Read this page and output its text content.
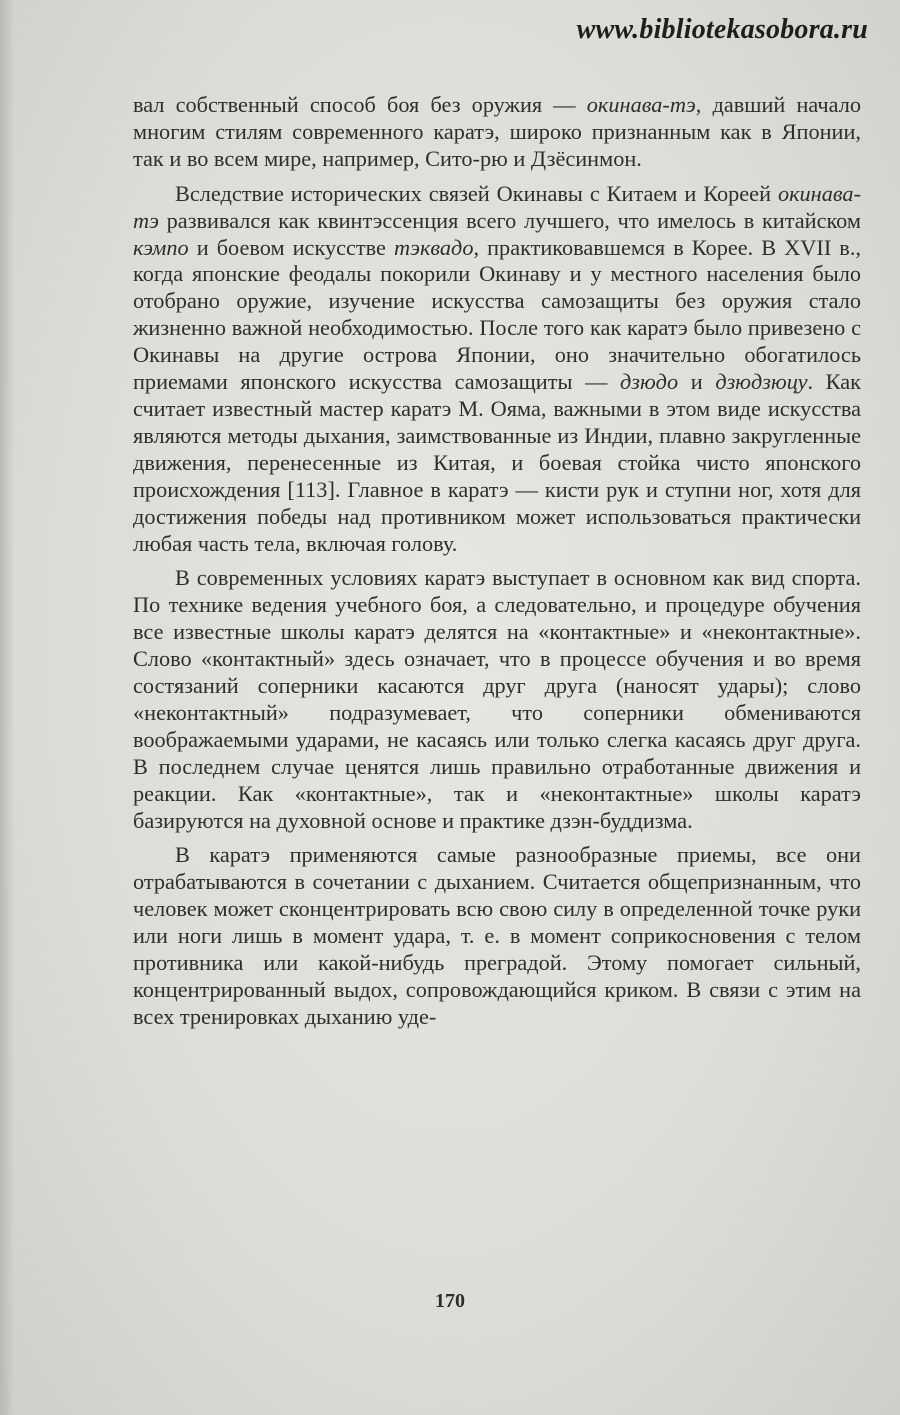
www.bibliotekasobora.ru

вал собственный способ боя без оружия — окинава-тэ, давший начало многим стилям современного каратэ, широко признанным как в Японии, так и во всем мире, например, Сито-рю и Дзёсинмон.

Вследствие исторических связей Окинавы с Китаем и Кореей окинава-тэ развивался как квинтэссенция всего лучшего, что имелось в китайском кэмпо и боевом искусстве тэквадо, практиковавшемся в Корее. В XVII в., когда японские феодалы покорили Окинаву и у местного населения было отобрано оружие, изучение искусства самозащиты без оружия стало жизненно важной необходимостью. После того как каратэ было привезено с Окинавы на другие острова Японии, оно значительно обогатилось приемами японского искусства самозащиты — дзюдо и дзюдзюцу. Как считает известный мастер каратэ М. Ояма, важными в этом виде искусства являются методы дыхания, заимствованные из Индии, плавно закругленные движения, перенесенные из Китая, и боевая стойка чисто японского происхождения [113]. Главное в каратэ — кисти рук и ступни ног, хотя для достижения победы над противником может использоваться практически любая часть тела, включая голову.

В современных условиях каратэ выступает в основном как вид спорта. По технике ведения учебного боя, а следовательно, и процедуре обучения все известные школы каратэ делятся на «контактные» и «неконтактные». Слово «контактный» здесь означает, что в процессе обучения и во время состязаний соперники касаются друг друга (наносят удары); слово «неконтактный» подразумевает, что соперники обмениваются воображаемыми ударами, не касаясь или только слегка касаясь друг друга. В последнем случае ценятся лишь правильно отработанные движения и реакции. Как «контактные», так и «неконтактные» школы каратэ базируются на духовной основе и практике дзэн-буддизма.

В каратэ применяются самые разнообразные приемы, все они отрабатываются в сочетании с дыханием. Считается общепризнанным, что человек может сконцентрировать всю свою силу в определенной точке руки или ноги лишь в момент удара, т. е. в момент соприкосновения с телом противника или какой-нибудь преградой. Этому помогает сильный, концентрированный выдох, сопровождающийся криком. В связи с этим на всех тренировках дыханию уде-

170
